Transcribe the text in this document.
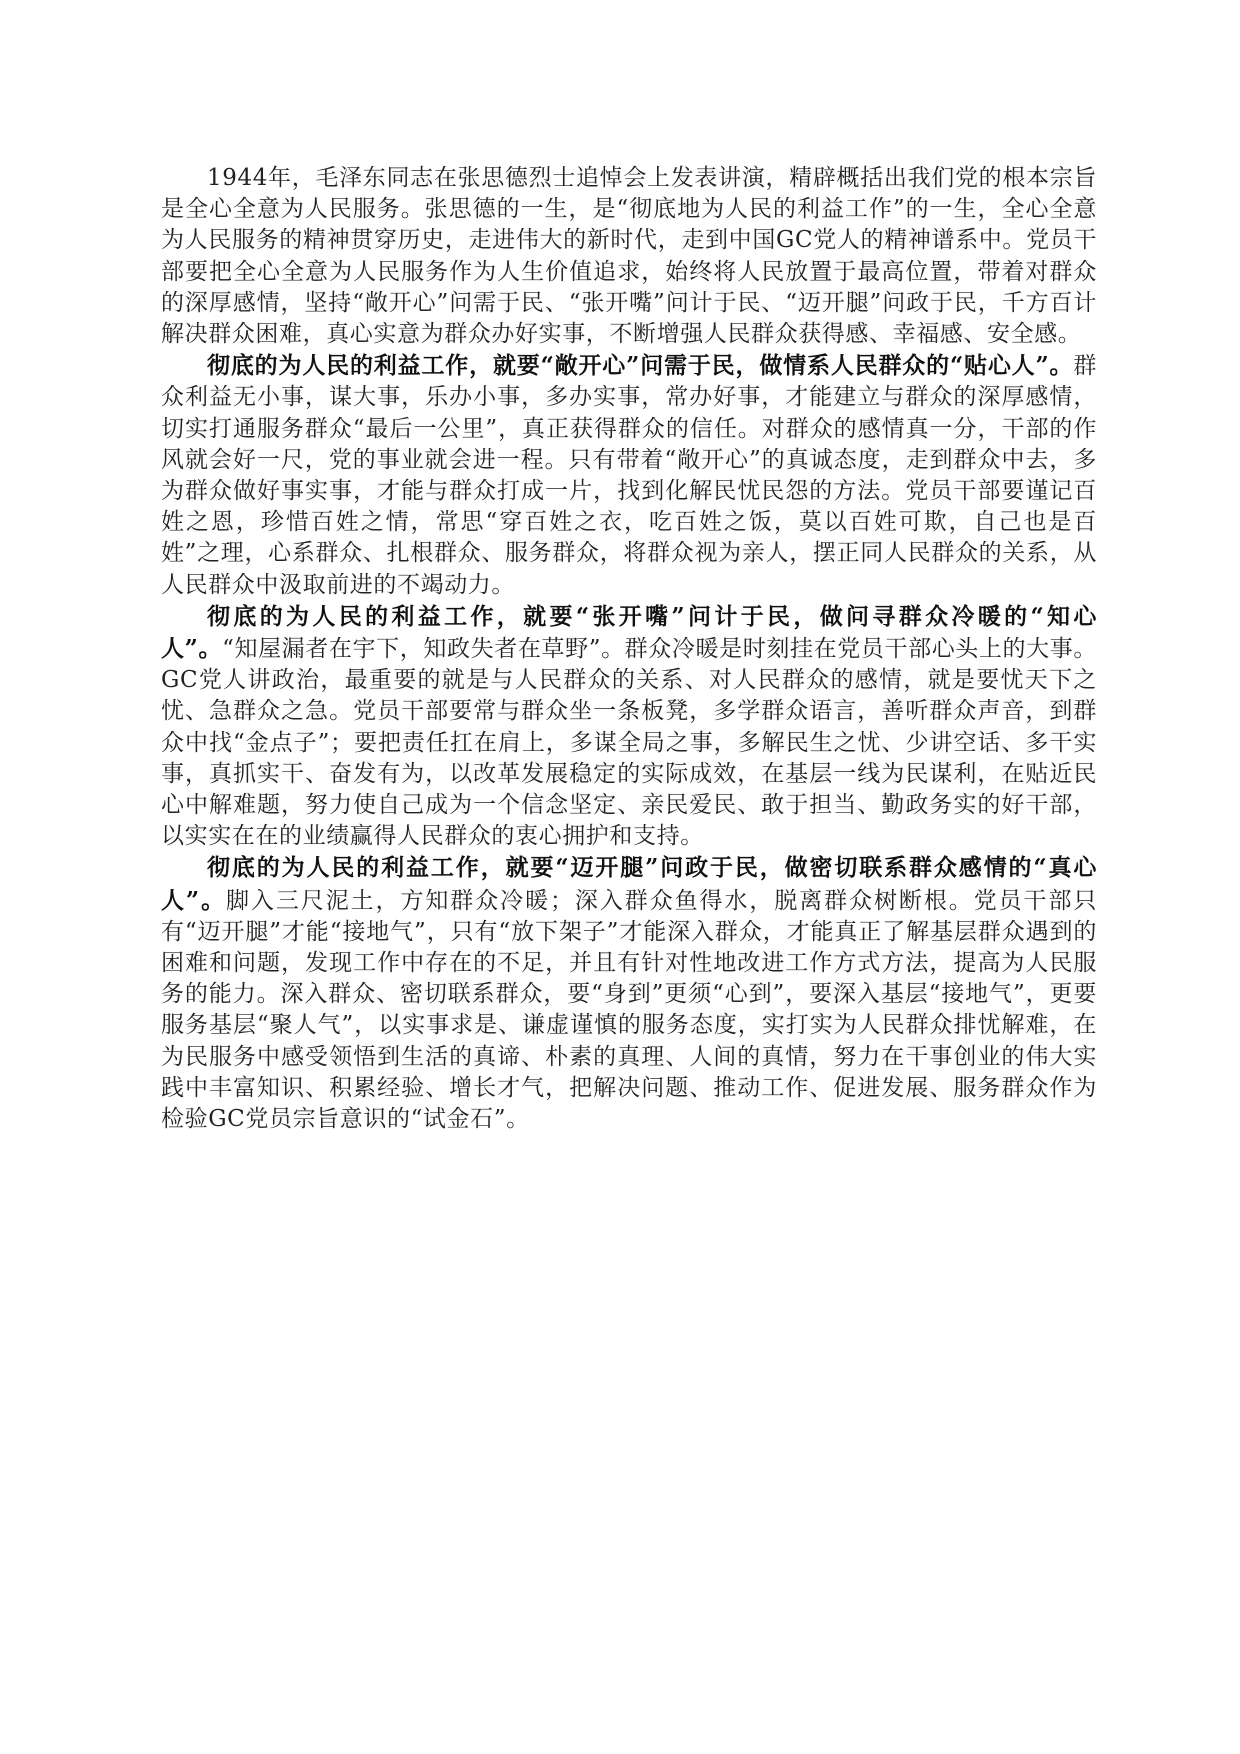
1944年，毛泽东同志在张思德烈士追悼会上发表讲演，精辟概括出我们党的根本宗旨是全心全意为人民服务。张思德的一生，是“彻底地为人民的利益工作”的一生，全心全意为人民服务的精神贯穿历史，走进伟大的新时代，走到中国GC党人的精神谱系中。党员干部要把全心全意为人民服务作为人生价值追求，始终将人民放置于最高位置，带着对群众的深厚感情，坚持“敞开心”问需于民、“张开嘴”问计于民、“迈开腿”问政于民，千方百计解决群众困难，真心实意为群众办好实事，不断增强人民群众获得感、幸福感、安全感。

彻底的为人民的利益工作，就要“敞开心”问需于民，做情系人民群众的“贴心人”。群众利益无小事，谋大事，乐办小事，多办实事，常办好事，才能建立与群众的深厚感情，切实打通服务群众“最后一公里”，真正获得群众的信任。对群众的感情真一分，干部的作风就会好一尺，党的事业就会进一程。只有带着“敞开心”的真诚态度，走到群众中去，多为群众做好事实事，才能与群众打成一片，找到化解民忧民怨的方法。党员干部要谨记百姓之恩，珍惜百姓之情，常思“穿百姓之衣，吃百姓之饭，莫以百姓可欺，自己也是百姓”之理，心系群众、扎根群众、服务群众，将群众视为亲人，摆正同人民群众的关系，从人民群众中汲取前进的不竭动力。

彻底的为人民的利益工作，就要“张开嘴”问计于民，做问寻群众冷暖的“知心人”。“知屋漏者在宇下，知政失者在草野”。群众冷暖是时刻挂在党员干部心头上的大事。GC党人讲政治，最重要的就是与人民群众的关系、对人民群众的感情，就是要忧天下之忧、急群众之急。党员干部要常与群众坐一条板凳，多学群众语言，善听群众声音，到群众中找“金点子”；要把责任扛在肩上，多谋全局之事，多解民生之忧、少讲空话、多干实事，真抓实干、奋发有为，以改革发展稳定的实际成效，在基层一线为民谋利，在贴近民心中解难题，努力使自己成为一个信念坚定、亲民爱民、敢于担当、勤政务实的好干部，以实实在在的业绩赢得人民群众的衷心拥护和支持。

彻底的为人民的利益工作，就要“迈开腿”问政于民，做密切联系群众感情的“真心人”。脚入三尺泥土，方知群众冷暖；深入群众鱼得水，脱离群众树断根。党员干部只有“迈开腿”才能“接地气”，只有“放下架子”才能深入群众，才能真正了解基层群众遇到的困难和问题，发现工作中存在的不足，并且有针对性地改进工作方式方法，提高为人民服务的能力。深入群众、密切联系群众，要“身到”更须“心到”，要深入基层“接地气”，更要服务基层“聚人气”，以实事求是、谦虚谨慎的服务态度，实打实为人民群众排忧解难，在为民服务中感受领悟到生活的真谛、朴素的真理、人间的真情，努力在干事创业的伟大实践中丰富知识、积累经验、增长才气，把解决问题、推动工作、促进发展、服务群众作为检验GC党员宗旨意识的“试金石”。
